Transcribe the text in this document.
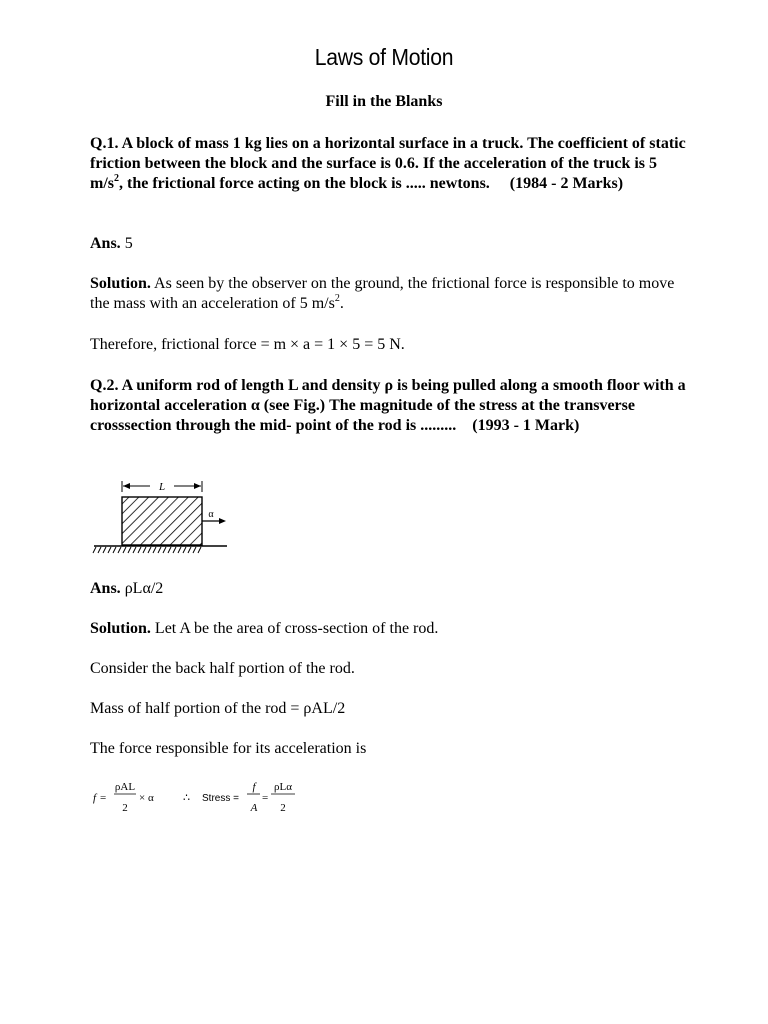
Laws of Motion
Fill in the Blanks
Q.1. A block of mass 1 kg lies on a horizontal surface in a truck. The coefficient of static friction between the block and the surface is 0.6. If the acceleration of the truck is 5 $m/s^2$, the frictional force acting on the block is ..... newtons. (1984 - 2 Marks)
Ans. 5
Solution. As seen by the observer on the ground, the frictional force is responsible to move the mass with an acceleration of 5 $m/s^2$.
Therefore, frictional force = m × a = 1 × 5 = 5 N.
Q.2. A uniform rod of length L and density ρ is being pulled along a smooth floor with a horizontal acceleration α (see Fig.) The magnitude of the stress at the transverse crosssection through the mid- point of the rod is ......... (1993 - 1 Mark)
L
α
Ans. ρLα/2
Solution. Let A be the area of cross-section of the rod.
Consider the back half portion of the rod.
Mass of half portion of the rod = ρAL/2
The force responsible for its acceleration is
f =
ρAL
2
× α	∴ Stress =
f
A
=
ρLα
2
